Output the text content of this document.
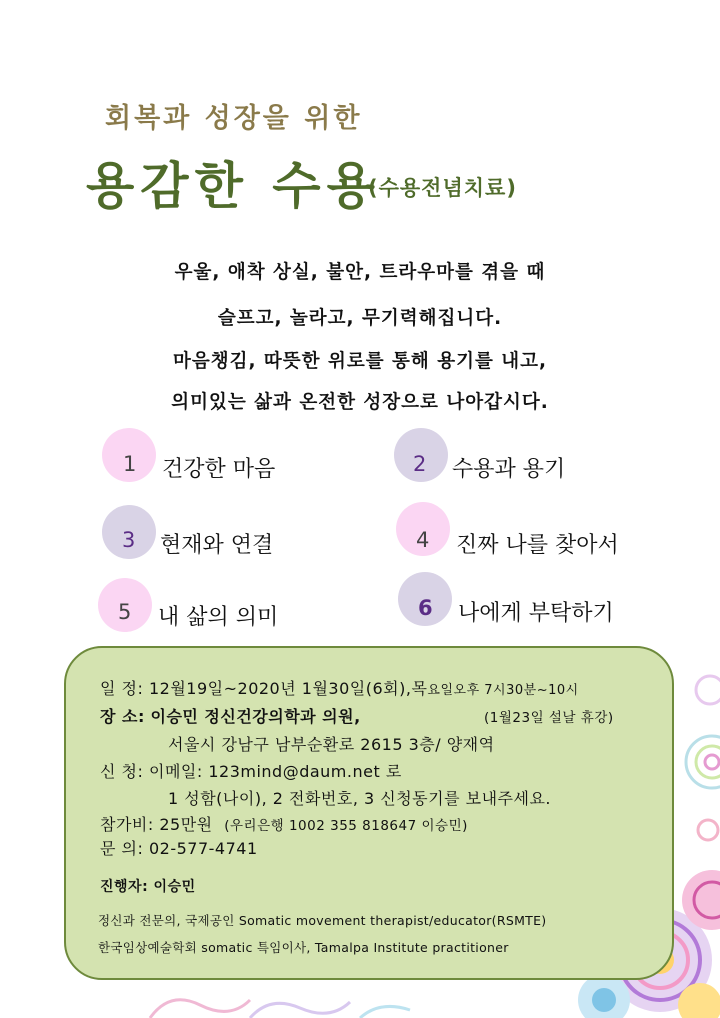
회복과 성장을 위한
용감한 수용
(수용전념치료)
우울, 애착 상실, 불안, 트라우마를 겪을 때
슬프고, 놀라고, 무기력해집니다.
마음챙김, 따뜻한 위로를 통해 용기를 내고,
의미있는 삶과 온전한 성장으로 나아갑시다.
1 건강한 마음	2 수용과 용기
3 현재와 연결	4 진짜 나를 찾아서
5 내 삶의 의미	6 나에게 부탁하기
일 정: 12월19일~2020년 1월30일(6회),목요일오후 7시30분~10시
장 소: 이승민 정신건강의학과 의원,	(1월23일 설날 휴강)
서울시 강남구 남부순환로 2615 3층/ 양재역
신 청: 이메일: 123mind@daum.net 로
1 성함(나이), 2 전화번호, 3 신청동기를 보내주세요.
참가비: 25만원 (우리은행 1002 355 818647 이승민)
문 의: 02-577-4741
진행자: 이승민
정신과 전문의, 국제공인 Somatic movement therapist/educator(RSMTE)
한국임상예술학회 somatic 특임이사, Tamalpa Institute practitioner
